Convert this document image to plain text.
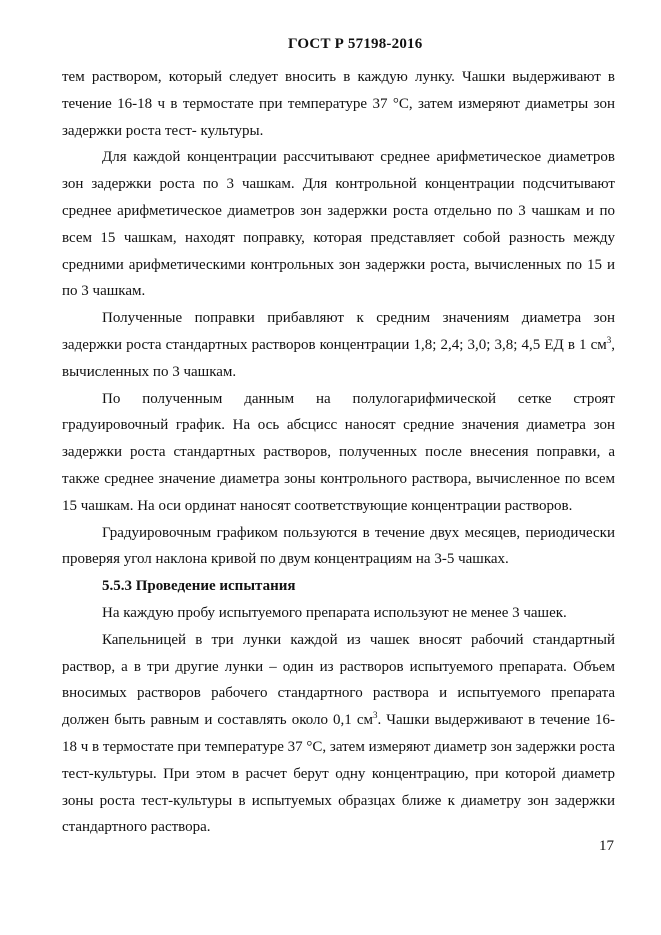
ГОСТ Р 57198-2016

тем раствором, который следует вносить в каждую лунку. Чашки выдерживают в течение 16-18 ч в термостате при температуре 37 °С, затем измеряют диаметры зон задержки роста тест- культуры.

Для каждой концентрации рассчитывают среднее арифметическое диаметров зон задержки роста по 3 чашкам. Для контрольной концентрации подсчитывают среднее арифметическое диаметров зон задержки роста отдельно по 3 чашкам и по всем 15 чашкам, находят поправку, которая представляет собой разность между средними арифметическими контрольных зон задержки роста, вычисленных по 15 и по 3 чашкам.

Полученные поправки прибавляют к средним значениям диаметра зон задержки роста стандартных растворов концентрации 1,8; 2,4; 3,0; 3,8; 4,5 ЕД в 1 $см^3$, вычисленных по 3 чашкам.

По полученным данным на полулогарифмической сетке строят градуировочный график. На ось абсцисс наносят средние значения диаметра зон задержки роста стандартных растворов, полученных после внесения поправки, а также среднее значение диаметра зоны контрольного раствора, вычисленное по всем 15 чашкам. На оси ординат наносят соответствующие концентрации растворов.

Градуировочным графиком пользуются в течение двух месяцев, периодически проверяя угол наклона кривой по двум концентрациям на 3-5 чашках.

5.5.3 Проведение испытания

На каждую пробу испытуемого препарата используют не менее 3 чашек.

Капельницей в три лунки каждой из чашек вносят рабочий стандартный раствор, а в три другие лунки – один из растворов испытуемого препарата. Объем вносимых растворов рабочего стандартного раствора и испытуемого препарата должен быть равным и составлять около 0,1 $см^3$. Чашки выдерживают в течение 16- 18 ч в термостате при температуре 37 °С, затем измеряют диаметр зон задержки роста тест-культуры. При этом в расчет берут одну концентрацию, при которой диаметр зоны роста тест-культуры в испытуемых образцах ближе к диаметру зон задержки стандартного раствора.

17
